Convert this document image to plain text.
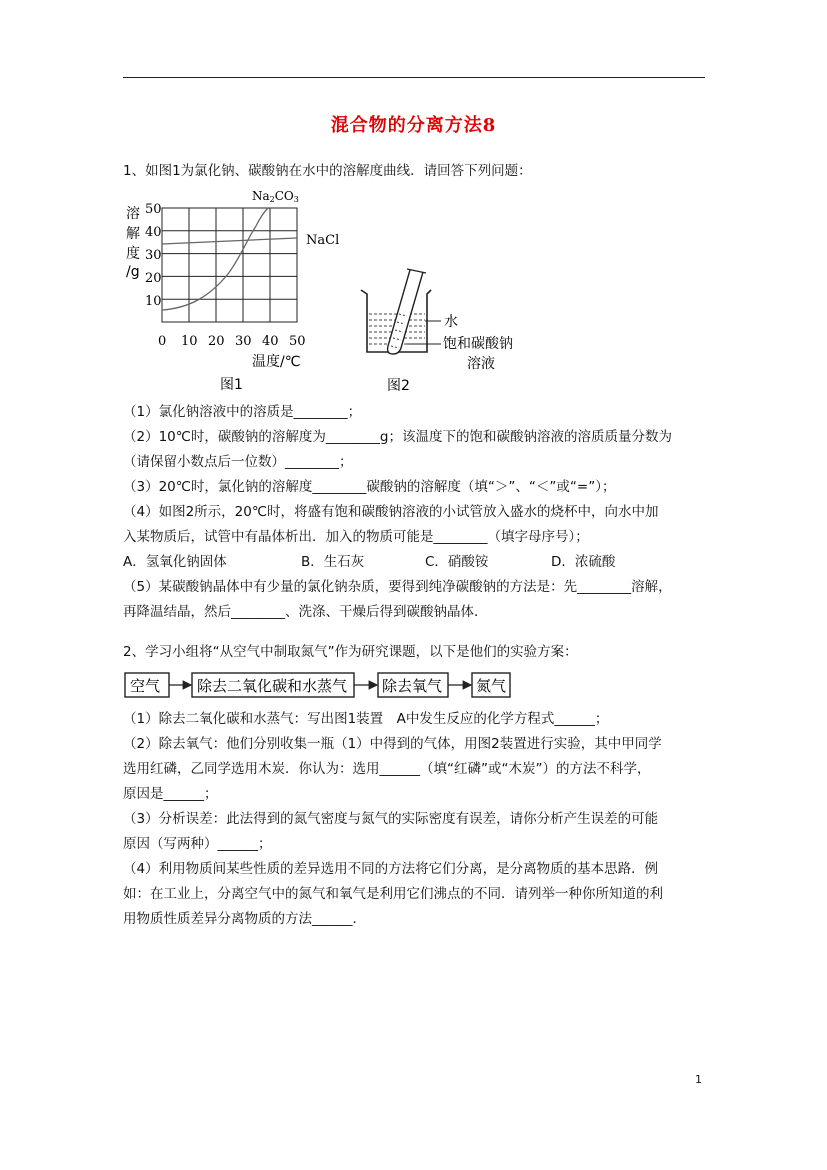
混合物的分离方法8
1、如图1为氯化钠、碳酸钠在水中的溶解度曲线．请回答下列问题：
溶
解
度
/g
50
40
30
20
10
0 10 20 30 40 50
温度/℃
Na2CO3
NaCl
图1
水
饱和碳酸钠
溶液
图2
（1）氯化钠溶液中的溶质是________；
（2）10℃时，碳酸钠的溶解度为________g；该温度下的饱和碳酸钠溶液的溶质质量分数为
（请保留小数点后一位数）________；
（3）20℃时，氯化钠的溶解度________碳酸钠的溶解度（填“＞”、“＜”或“=”）；
（4）如图2所示，20℃时，将盛有饱和碳酸钠溶液的小试管放入盛水的烧杯中，向水中加
入某物质后，试管中有晶体析出．加入的物质可能是________（填字母序号）；
A．氢氧化钠固体	B．生石灰	C．硝酸铵	D．浓硫酸
（5）某碳酸钠晶体中有少量的氯化钠杂质，要得到纯净碳酸钠的方法是：先________溶解，
再降温结晶，然后________、洗涤、干燥后得到碳酸钠晶体．
2、学习小组将“从空气中制取氮气”作为研究课题，以下是他们的实验方案：
空气 除去二氧化碳和水蒸气 除去氧气 氮气
（1）除去二氧化碳和水蒸气：写出图1装置　A中发生反应的化学方程式______；
（2）除去氧气：他们分别收集一瓶（1）中得到的气体，用图2装置进行实验，其中甲同学
选用红磷，乙同学选用木炭．你认为：选用______（填“红磷”或“木炭”）的方法不科学，
原因是______；
（3）分析误差：此法得到的氮气密度与氮气的实际密度有误差，请你分析产生误差的可能
原因（写两种）______；
（4）利用物质间某些性质的差异选用不同的方法将它们分离，是分离物质的基本思路．例
如：在工业上，分离空气中的氮气和氧气是利用它们沸点的不同．请列举一种你所知道的利
用物质性质差异分离物质的方法______．
1
